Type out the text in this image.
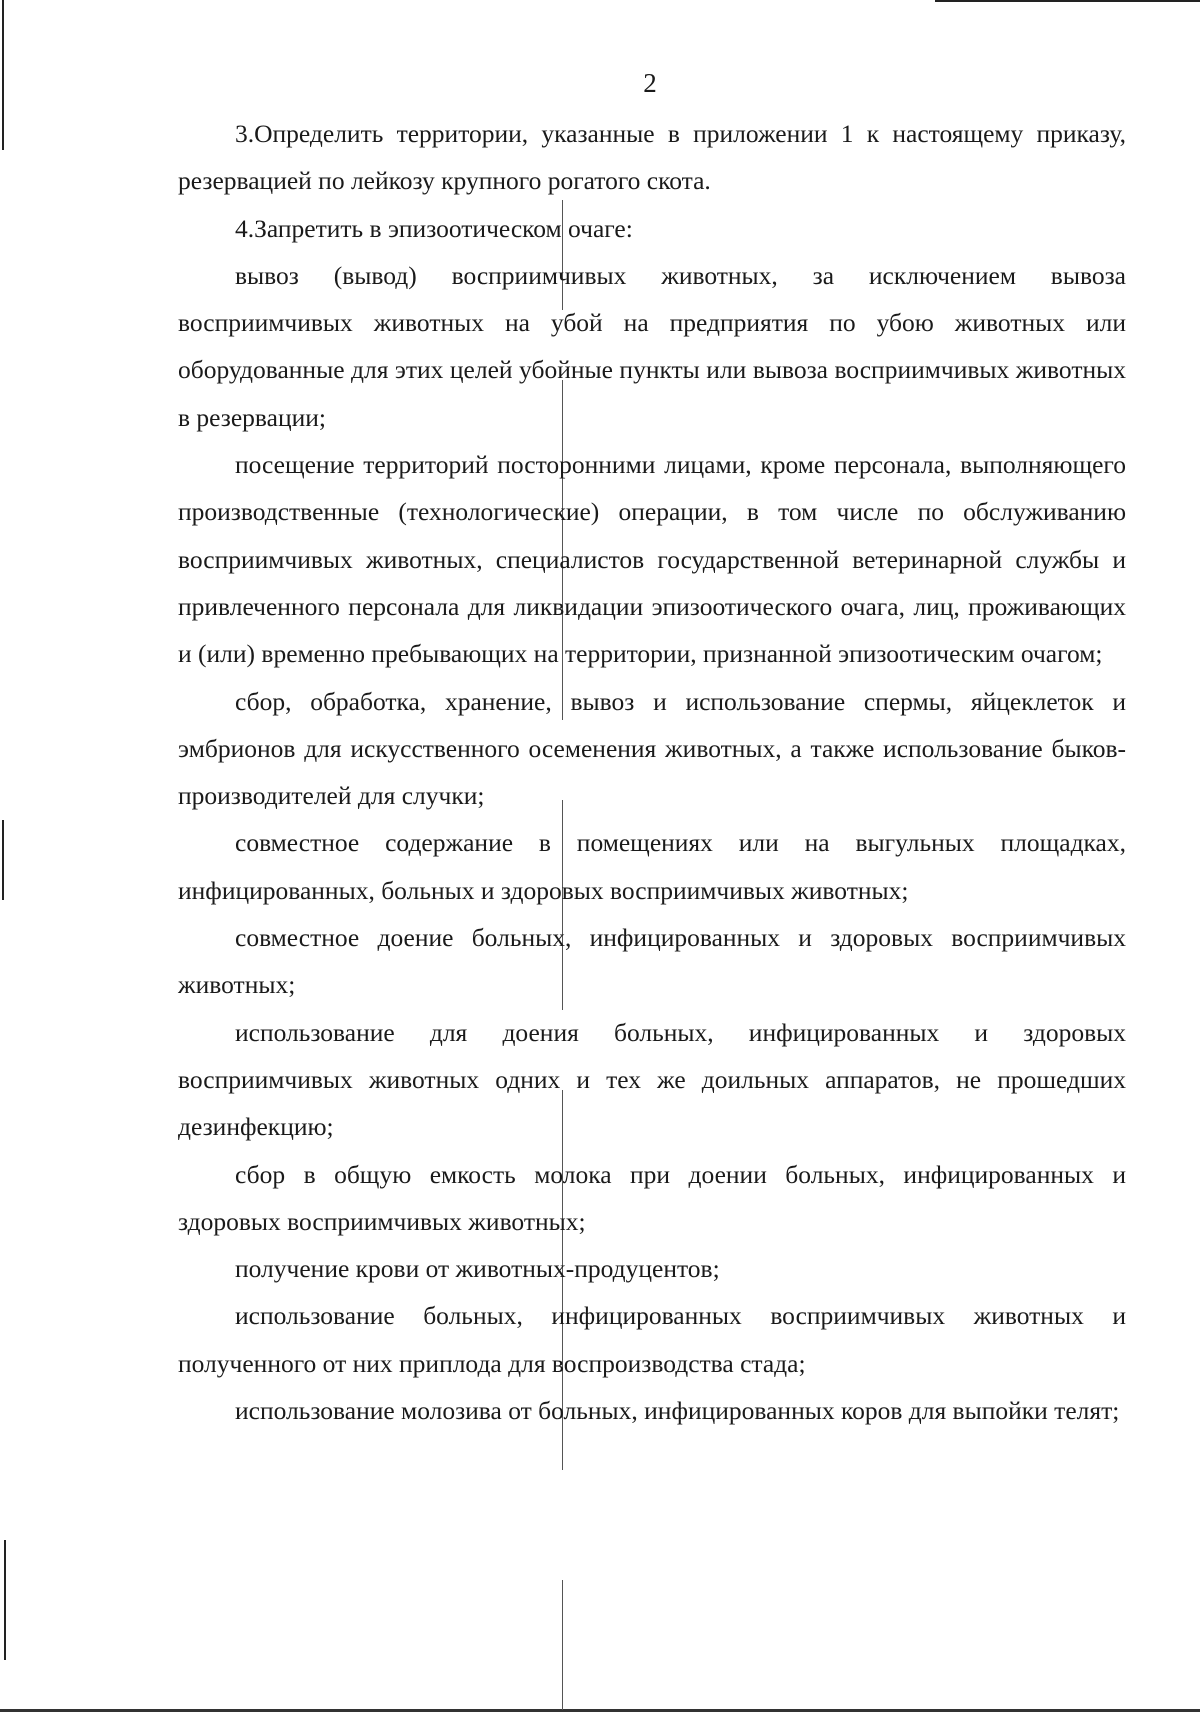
2

3.Определить территории, указанные в приложении 1 к настоящему приказу, резервацией по лейкозу крупного рогатого скота.

4.Запретить в эпизоотическом очаге:

вывоз (вывод) восприимчивых животных, за исключением вывоза восприимчивых животных на убой на предприятия по убою животных или оборудованные для этих целей убойные пункты или вывоза восприимчивых животных в резервации;

посещение территорий посторонними лицами, кроме персонала, выполняющего производственные (технологические) операции, в том числе по обслуживанию восприимчивых животных, специалистов государственной ветеринарной службы и привлеченного персонала для ликвидации эпизоотического очага, лиц, проживающих и (или) временно пребывающих на территории, признанной эпизоотическим очагом;

сбор, обработка, хранение, вывоз и использование спермы, яйцеклеток и эмбрионов для искусственного осеменения животных, а также использование быков-производителей для случки;

совместное содержание в помещениях или на выгульных площадках, инфицированных, больных и здоровых восприимчивых животных;

совместное доение больных, инфицированных и здоровых восприимчивых животных;

использование для доения больных, инфицированных и здоровых восприимчивых животных одних и тех же доильных аппаратов, не прошедших дезинфекцию;

сбор в общую емкость молока при доении больных, инфицированных и здоровых восприимчивых животных;

получение крови от животных-продуцентов;

использование больных, инфицированных восприимчивых животных и полученного от них приплода для воспроизводства стада;

использование молозива от больных, инфицированных коров для выпойки телят;
